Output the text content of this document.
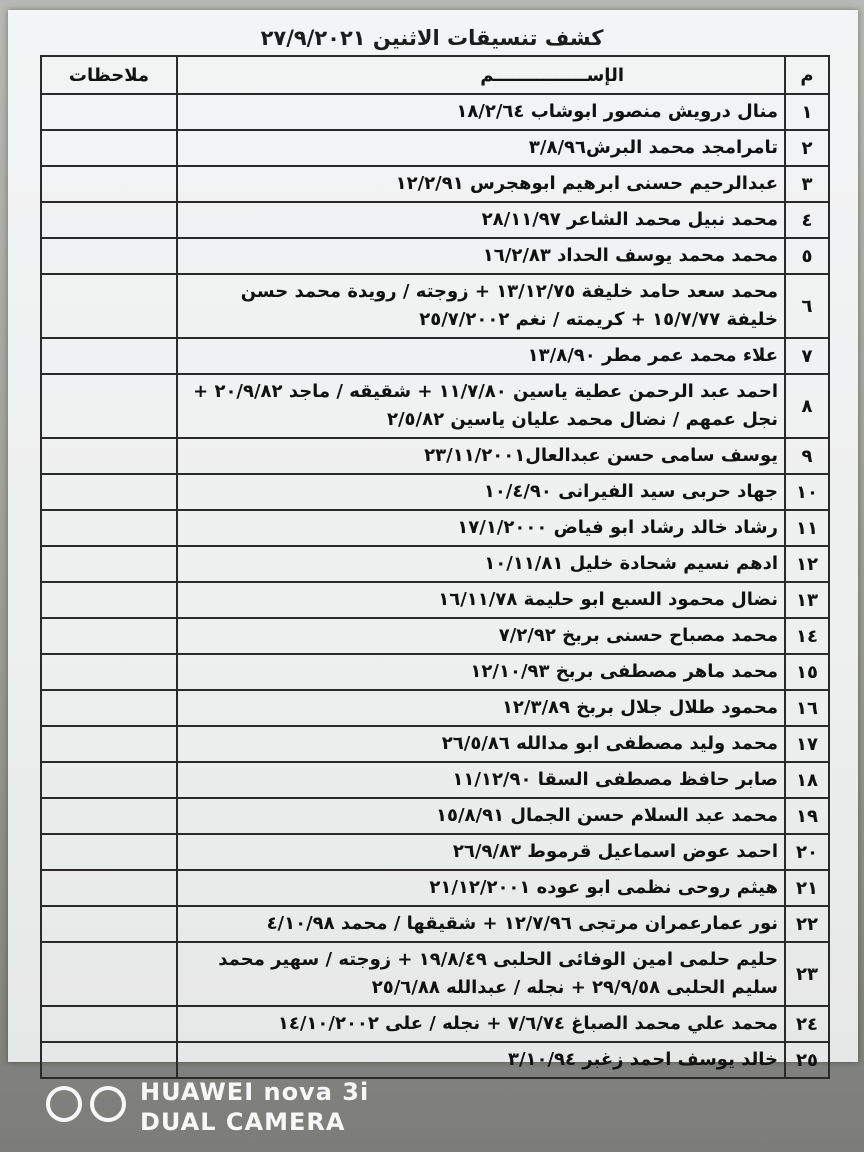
كشف تنسيقات الاثنين ٢٧/٩/٢٠٢١
م	الإســـــــــــــــم	ملاحظات
١	منال درويش منصور ابوشاب ١٨/٢/٦٤	
٢	تامرامجد محمد البرش٣/٨/٩٦	
٣	عبدالرحيم حسنى ابرهيم ابوهجرس ١٢/٢/٩١	
٤	محمد نبيل محمد الشاعر ٢٨/١١/٩٧	
٥	محمد محمد يوسف الحداد ١٦/٢/٨٣	
٦	محمد سعد حامد خليفة ١٣/١٢/٧٥ + زوجته / رويدة محمد حسن خليفة ١٥/٧/٧٧ + كريمته / نغم ٢٥/٧/٢٠٠٢	
٧	علاء محمد عمر مطر ١٣/٨/٩٠	
٨	احمد عبد الرحمن عطية ياسين ١١/٧/٨٠ + شقيقه / ماجد ٢٠/٩/٨٢ + نجل عمهم / نضال محمد عليان ياسين ٢/٥/٨٢	
٩	يوسف سامى حسن عبدالعال٢٣/١١/٢٠٠١	
١٠	جهاد حربى سيد الفيرانى ١٠/٤/٩٠	
١١	رشاد خالد رشاد ابو فياض ١٧/١/٢٠٠٠	
١٢	ادهم نسيم شحادة خليل ١٠/١١/٨١	
١٣	نضال محمود السبع ابو حليمة ١٦/١١/٧٨	
١٤	محمد مصباح حسنى بربخ ٧/٢/٩٢	
١٥	محمد ماهر مصطفى بربخ ١٢/١٠/٩٣	
١٦	محمود طلال جلال بربخ ١٢/٣/٨٩	
١٧	محمد وليد مصطفى ابو مدالله ٢٦/٥/٨٦	
١٨	صابر حافظ مصطفى السقا ١١/١٢/٩٠	
١٩	محمد عبد السلام حسن الجمال ١٥/٨/٩١	
٢٠	احمد عوض اسماعيل قرموط ٢٦/٩/٨٣	
٢١	هيثم روحى نظمى ابو عوده ٢١/١٢/٢٠٠١	
٢٢	نور عمارعمران مرتجى ١٢/٧/٩٦ + شقيقها / محمد ٤/١٠/٩٨	
٢٣	حليم حلمى امين الوفائى الحلبى ١٩/٨/٤٩ + زوجته / سهير محمد سليم الحلبى ٢٩/٩/٥٨ + نجله / عبدالله ٢٥/٦/٨٨	
٢٤	محمد علي محمد الصباغ ٧/٦/٧٤ + نجله / على ١٤/١٠/٢٠٠٢	
٢٥	خالد يوسف احمد زغبر ٣/١٠/٩٤	
HUAWEI nova 3i
DUAL CAMERA
